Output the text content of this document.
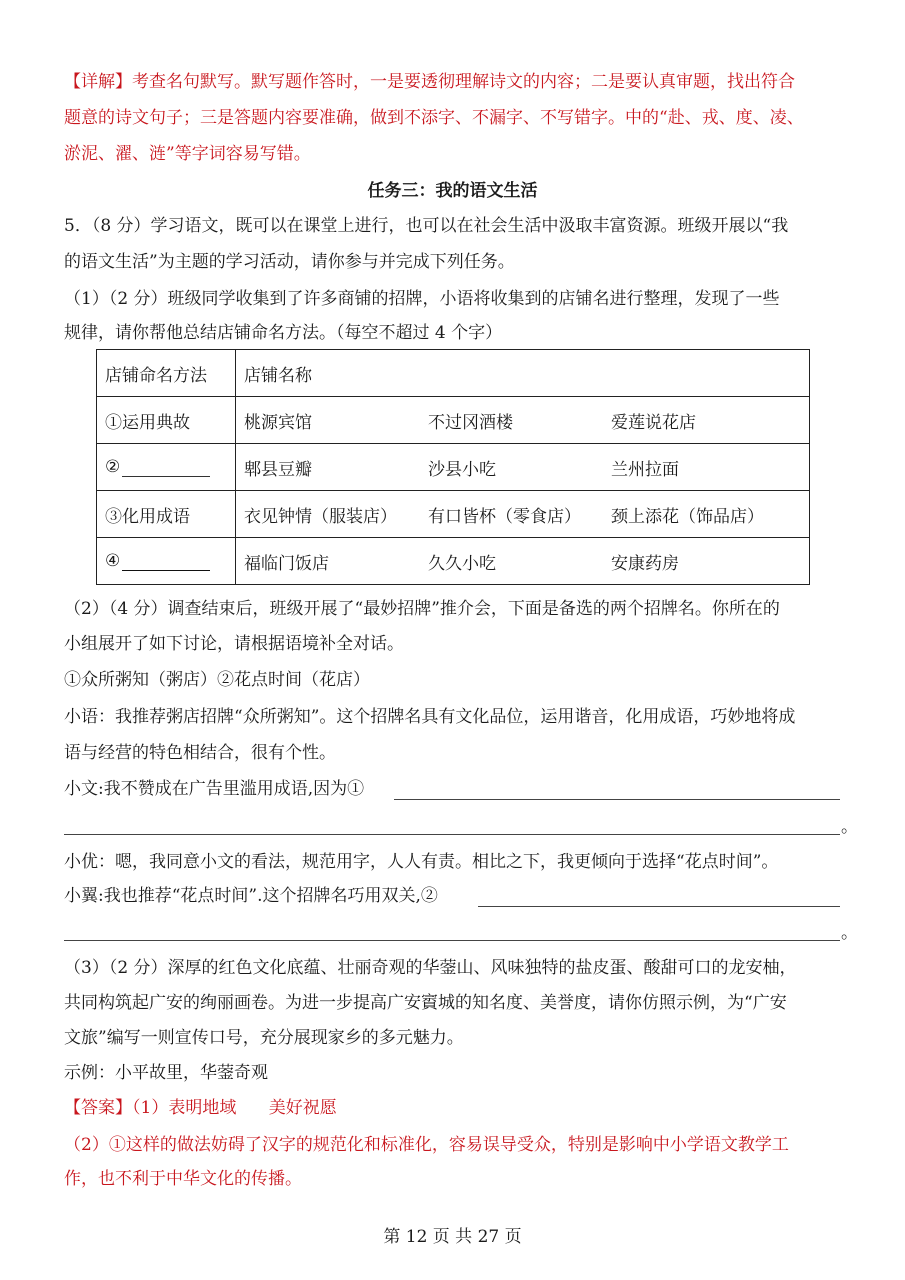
【详解】考查名句默写。默写题作答时，一是要透彻理解诗文的内容；二是要认真审题，找出符合
题意的诗文句子；三是答题内容要准确，做到不添字、不漏字、不写错字。中的“赴、戎、度、凌、
淤泥、濯、涟”等字词容易写错。
任务三：我的语文生活
5．（8 分）学习语文，既可以在课堂上进行，也可以在社会生活中汲取丰富资源。班级开展以“我
的语文生活”为主题的学习活动，请你参与并完成下列任务。
（1）（2 分）班级同学收集到了许多商铺的招牌，小语将收集到的店铺名进行整理，发现了一些
规律，请你帮他总结店铺命名方法。（每空不超过 4 个字）
店铺命名方法	店铺名称
①运用典故	桃源宾馆 不过冈酒楼 爱莲说花店

②	郫县豆瓣 沙县小吃 兰州拉面

③化用成语	衣见钟情（服装店） 有口皆杯（零食店） 颈上添花（饰品店）

④	福临门饭店 久久小吃 安康药房
（2）（4 分）调查结束后，班级开展了“最妙招牌”推介会，下面是备选的两个招牌名。你所在的
小组展开了如下讨论，请根据语境补全对话。
①众所粥知（粥店）②花点时间（花店）
小语：我推荐粥店招牌“众所粥知”。这个招牌名具有文化品位，运用谐音，化用成语，巧妙地将成
语与经营的特色相结合，很有个性。
小文:我不赞成在广告里滥用成语,因为①
。
小优：嗯，我同意小文的看法，规范用字，人人有责。相比之下，我更倾向于选择“花点时间”。
小翼:我也推荐“花点时间”.这个招牌名巧用双关,②
。
（3）（2 分）深厚的红色文化底蕴、壮丽奇观的华蓥山、风味独特的盐皮蛋、酸甜可口的龙安柚，
共同构筑起广安的绚丽画卷。为进一步提高广安賨城的知名度、美誉度，请你仿照示例，为“广安
文旅”编写一则宣传口号，充分展现家乡的多元魅力。
示例：小平故里，华蓥奇观
【答案】（1）表明地域      美好祝愿
（2）①这样的做法妨碍了汉字的规范化和标准化，容易误导受众，特别是影响中小学语文教学工
作，也不利于中华文化的传播。
第 12 页 共 27 页
